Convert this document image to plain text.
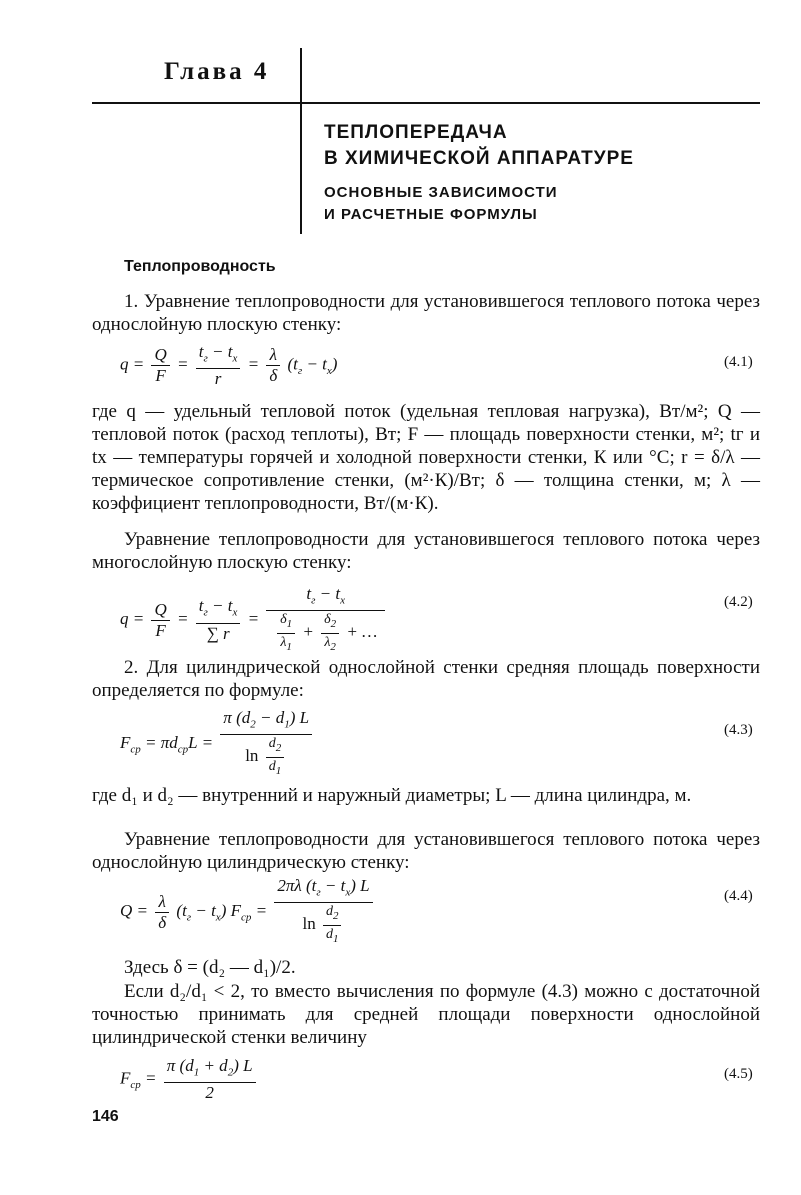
Глава 4
ТЕПЛОПЕРЕДАЧА
В ХИМИЧЕСКОЙ АППАРАТУРЕ
ОСНОВНЫЕ ЗАВИСИМОСТИ
И РАСЧЕТНЫЕ ФОРМУЛЫ
Теплопроводность
1. Уравнение теплопроводности для установившегося теплового потока через однослойную плоскую стенку:
$q = \frac{Q}{F} = \frac{t_г - t_х}{r} = \frac{\lambda}{\delta} (t_г - t_х)$	(4.1)
где q — удельный тепловой поток (удельная тепловая нагрузка), Вт/м²; Q — тепловой поток (расход теплоты), Вт; F — площадь поверхности стенки, м²; tг и tх — температуры горячей и холодной поверхности стенки, К или °С; r = δ/λ — термическое сопротивление стенки, (м²·К)/Вт; δ — толщина стенки, м; λ — коэффициент теплопроводности, Вт/(м·К).
Уравнение теплопроводности для установившегося теплового потока через многослойную плоскую стенку:
$q = \frac{Q}{F} = \frac{t_г - t_х}{\sum r} = \frac{t_г - t_х}{\frac{\delta_1}{\lambda_1} + \frac{\delta_2}{\lambda_2} + \dots}$	(4.2)
2. Для цилиндрической однослойной стенки средняя площадь поверхности определяется по формуле:
$F_{ср} = \pi d_{ср}L = \frac{\pi (d_2 - d_1) L}{\ln \frac{d_2}{d_1}}$	(4.3)
где d₁ и d₂ — внутренний и наружный диаметры; L — длина цилиндра, м.
Уравнение теплопроводности для установившегося теплового потока через однослойную цилиндрическую стенку:
$Q = \frac{\lambda}{\delta} (t_г - t_х) F_{ср} = \frac{2\pi\lambda (t_г - t_х) L}{\ln \frac{d_2}{d_1}}$	(4.4)
Здесь δ = (d₂ — d₁)/2.
Если d₂/d₁ < 2, то вместо вычисления по формуле (4.3) можно с достаточной точностью принимать для средней площади поверхности однослойной цилиндрической стенки величину
$F_{ср} = \frac{\pi (d_1 + d_2) L}{2}$	(4.5)
146
